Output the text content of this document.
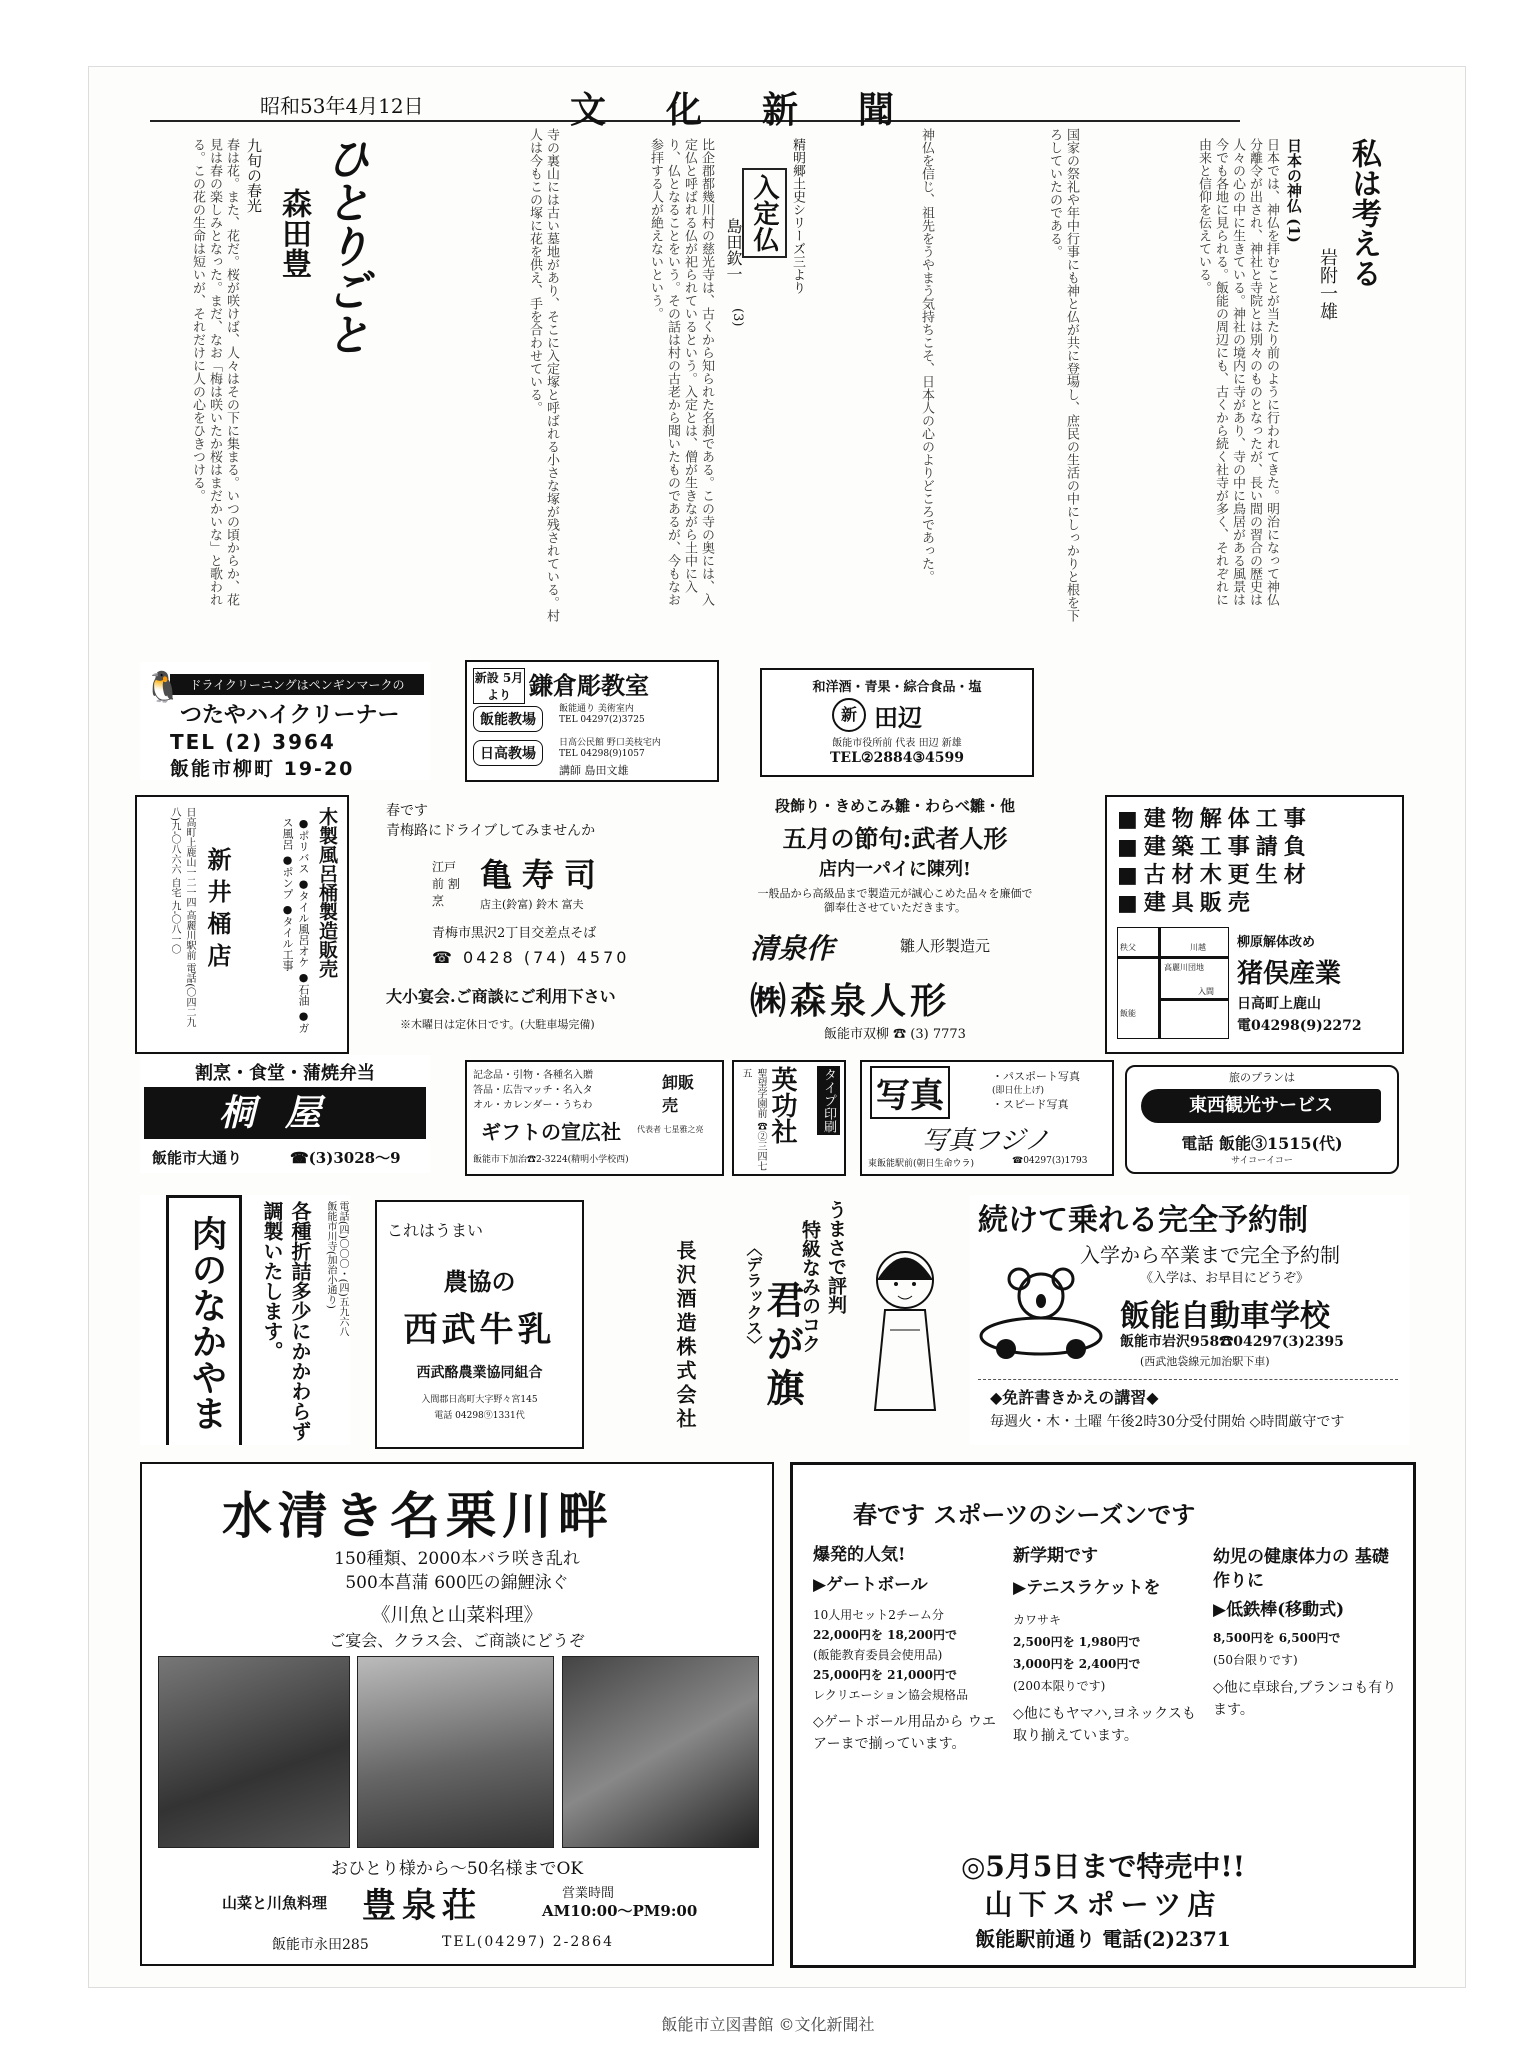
昭和53年4月12日	文化新聞
私は考える
岩附一雄
日本の神仏 (1)
日本では、神仏を拝むことが当たり前のように行われてきた。明治になって神仏分離令が出され、神社と寺院とは別々のものとなったが、長い間の習合の歴史は人々の心の中に生きている。神社の境内に寺があり、寺の中に鳥居がある風景は今でも各地に見られる。飯能の周辺にも、古くから続く社寺が多く、それぞれに由来と信仰を伝えている。
国家の祭礼や年中行事にも神と仏が共に登場し、庶民の生活の中にしっかりと根を下ろしていたのである。
神仏を信じ、祖先をうやまう気持ちこそ、日本人の心のよりどころであった。
精明郷土史シリーズ三より
入定仏
島田欽一
(3)
比企郡都幾川村の慈光寺は、古くから知られた名刹である。この寺の奥には、入定仏と呼ばれる仏が祀られているという。入定とは、僧が生きながら土中に入り、仏となることをいう。その話は村の古老から聞いたものであるが、今もなお参拝する人が絶えないという。
寺の裏山には古い墓地があり、そこに入定塚と呼ばれる小さな塚が残されている。村人は今もこの塚に花を供え、手を合わせている。
ひとりごと
森田豊
九旬の春光
春は花。また、花だ。桜が咲けば、人々はその下に集まる。いつの頃からか、花見は春の楽しみとなった。まだ、なお「梅は咲いたか桜はまだかいな」と歌われる。この花の生命は短いが、それだけに人の心をひきつける。
ドライクリーニングはペンギンマークの
🐧
つたやハイクリーナー
TEL (2) 3964
飯能市柳町 19-20
新設 5月より 鎌倉彫教室
飯能教場
日高教場
飯能通り 美術室内
TEL 04297(2)3725
日高公民館 野口美枝宅内
TEL 04298(9)1057
講師 島田文雄
和洋酒・青果・綜合食品・塩
新 田辺
飯能市役所前 代表 田辺 新雄
TEL②2884③4599
木製風呂桶製造販売
●ポリバス ●タイル風呂オケ ●石油 ●ガス風呂 ●ポンプ ●タイル工事
新井桶店
日高町上鹿山一二一四 高麗川駅前 電話(〇四二九八)九-〇八六六 自宅 九-〇八一〇	春です
青梅路にドライブしてみませんか
江戸前 割烹
亀寿司
店主(鈴富) 鈴木 富夫
青梅市黒沢2丁目交差点そば
☎ 0428 (74) 4570
大小宴会.ご商談にご利用下さい
※木曜日は定休日です。(大駐車場完備)
段飾り・きめこみ雛・わらべ雛・他
五月の節句:武者人形
店内一パイに陳列!
一般品から高級品まで製造元が誠心こめた品々を廉価で御奉仕させていただきます。
清泉作	雛人形製造元
㈱森泉人形
飯能市双柳 ☎ (3) 7773
■建物解体工事
■建築工事請負
■古材木更生材
■建具販売
秩父	川越
高麗川団地
入間
飯能
柳原解体改め
猪俣産業
日高町上鹿山
電04298(9)2272
割烹・食堂・蒲焼弁当
桐屋
飯能市大通り	☎(3)3028～9
記念品・引物・各種名入贈
答品・広告マッチ・名入タ
オル・カレンダー・うちわ
卸販売
ギフトの宣広社 代表者 七星雅之亮
飯能市下加治☎2-3224(精明小学校西)	聖望学園前 ☎②三四七五 英功社	タイプ印刷 写真	・パスポート写真
(即日仕上げ)
・スピード写真
写真フジノ
東飯能駅前(朝日生命ウラ)	☎04297(3)1793
旅のプランは
東西観光サービス
電話 飯能③1515(代)
サイコーイコー
肉のなかやま	各種折詰多少にかかわらず調製いたします。	飯能市川寺(加治小通り) 電話(四)〇〇〇・(四)五九六八 これはうまい
農協の
西武牛乳
西武酪農業協同組合
入間郡日高町大字野々宮145
電話 04298⑨1331代	長沢酒造株式会社	〈デラックス〉
君が旗
うまさで評判
特級なみのコク	続けて乗れる完全予約制
入学から卒業まで完全予約制
《入学は、お早目にどうぞ》
飯能自動車学校
飯能市岩沢958☎04297(3)2395
(西武池袋線元加治駅下車)
◆免許書きかえの講習◆
毎週火・木・土曜 午後2時30分受付開始 ◇時間厳守です
水清き名栗川畔
150種類、2000本バラ咲き乱れ
500本菖蒲 600匹の錦鯉泳ぐ
《川魚と山菜料理》
ご宴会、クラス会、ご商談にどうぞ
おひとり様から～50名様までOK
山菜と川魚料理 豊泉荘	営業時間
AM10:00～PM9:00
飯能市永田285	TEL(04297) 2-2864
春です スポーツのシーズンです
爆発的人気!
▶ゲートボール
10人用セット2チーム分
22,000円を 18,200円で
(飯能教育委員会使用品)
25,000円を 21,000円で
レクリエーション協会規格品
◇ゲートボール用品から ウエアーまで揃っています。
新学期です
▶テニスラケットを
カワサキ
2,500円を 1,980円で
3,000円を 2,400円で
(200本限りです)
◇他にもヤマハ,ヨネックスも取り揃えています。
幼児の健康体力の 基礎作りに
▶低鉄棒(移動式)
8,500円を 6,500円で
(50台限りです)
◇他に卓球台,ブランコも有ります。
◎5月5日まで特売中!!
山下スポーツ店
飯能駅前通り 電話(2)2371
飯能市立図書館 ©文化新聞社
